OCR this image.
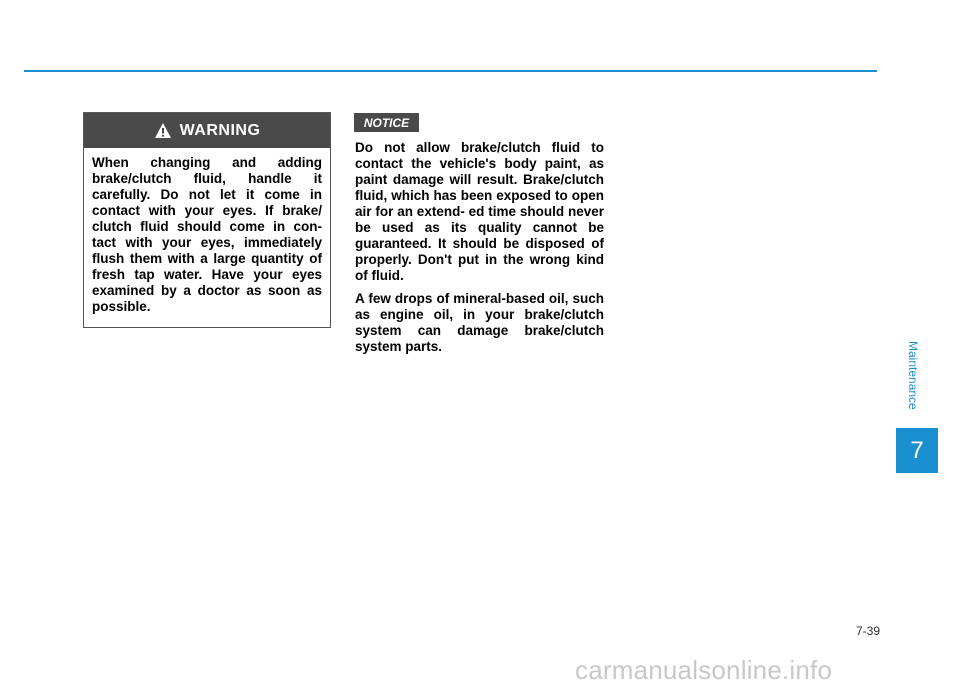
WARNING
When changing and adding brake/clutch fluid, handle it carefully. Do not let it come in contact with your eyes. If brake/ clutch fluid should come in con- tact with your eyes, immediately flush them with a large quantity of fresh tap water. Have your eyes examined by a doctor as soon as possible.
NOTICE

Do not allow brake/clutch fluid to contact the vehicle's body paint, as paint damage will result. Brake/clutch fluid, which has been exposed to open air for an extend- ed time should never be used as its quality cannot be guaranteed. It should be disposed of properly. Don't put in the wrong kind of fluid.

A few drops of mineral-based oil, such as engine oil, in your brake/clutch system can damage brake/clutch system parts.	Maintenance
7
7-39
carmanualsonline.info
